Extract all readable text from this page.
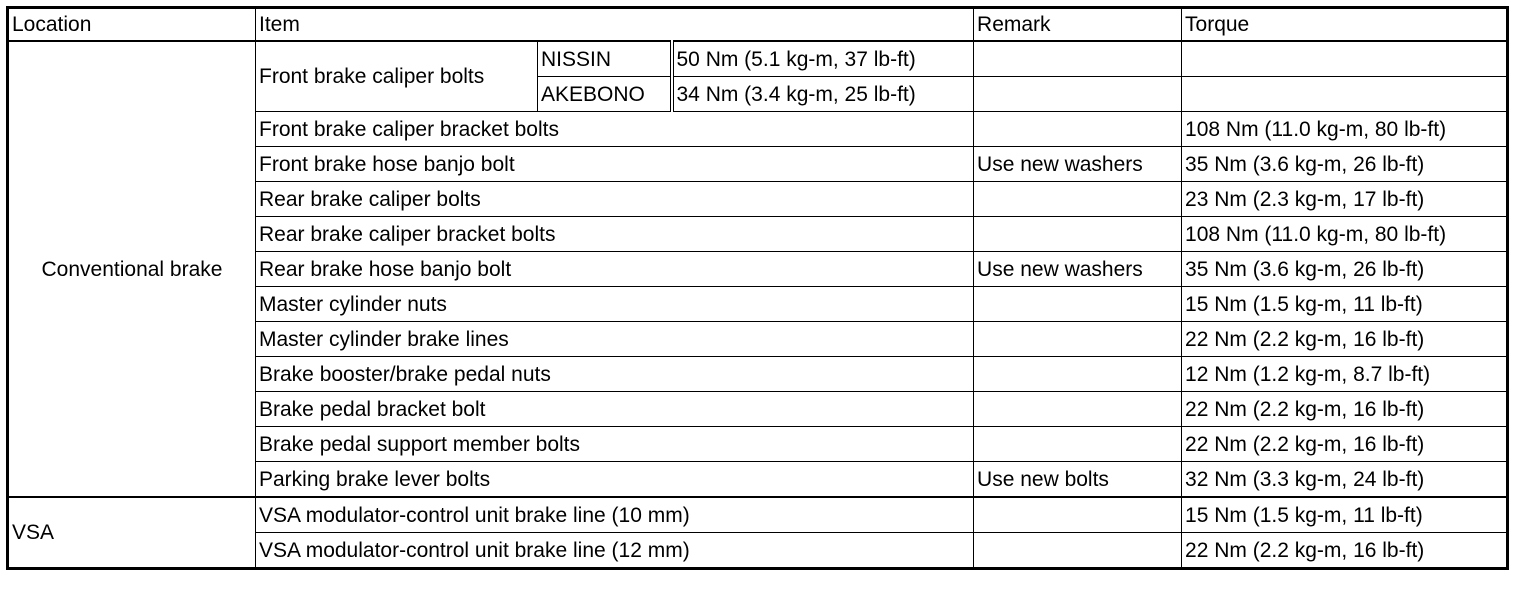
Location	Item			Remark	Torque
Conventional brake	Front brake caliper bolts	NISSIN	50 Nm (5.1 kg-m, 37 lb-ft)		
		AKEBONO	34 Nm (3.4 kg-m, 25 lb-ft)		
	Front brake caliper bracket bolts				108 Nm (11.0 kg-m, 80 lb-ft)
	Front brake hose banjo bolt			Use new washers	35 Nm (3.6 kg-m, 26 lb-ft)
	Rear brake caliper bolts				23 Nm (2.3 kg-m, 17 lb-ft)
	Rear brake caliper bracket bolts				108 Nm (11.0 kg-m, 80 lb-ft)
	Rear brake hose banjo bolt			Use new washers	35 Nm (3.6 kg-m, 26 lb-ft)
	Master cylinder nuts				15 Nm (1.5 kg-m, 11 lb-ft)
	Master cylinder brake lines				22 Nm (2.2 kg-m, 16 lb-ft)
	Brake booster/brake pedal nuts				12 Nm (1.2 kg-m, 8.7 lb-ft)
	Brake pedal bracket bolt				22 Nm (2.2 kg-m, 16 lb-ft)
	Brake pedal support member bolts				22 Nm (2.2 kg-m, 16 lb-ft)
	Parking brake lever bolts			Use new bolts	32 Nm (3.3 kg-m, 24 lb-ft)
VSA	VSA modulator-control unit brake line (10 mm)				15 Nm (1.5 kg-m, 11 lb-ft)
	VSA modulator-control unit brake line (12 mm)				22 Nm (2.2 kg-m, 16 lb-ft)
